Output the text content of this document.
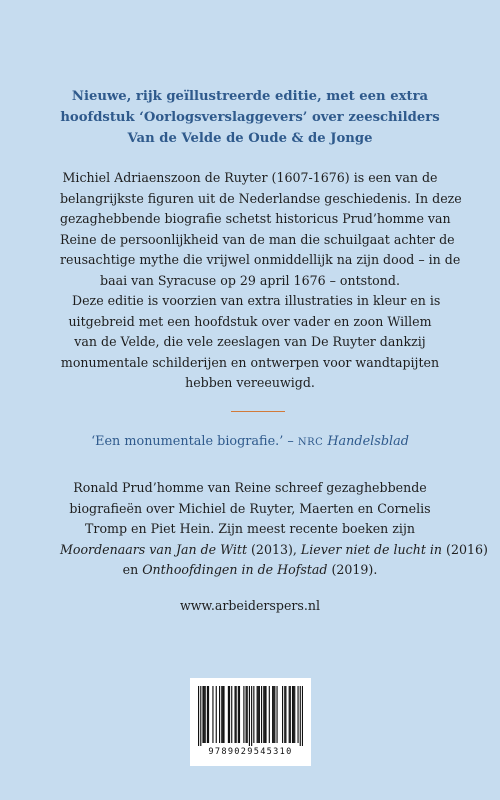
Nieuwe, rijk geïllustreerde editie, met een extra
hoofdstuk ‘Oorlogsverslaggevers’ over zeeschilders
Van de Velde de Oude & de Jonge
Michiel Adriaenszoon de Ruyter (1607-1676) is een van de
belangrijkste figuren uit de Nederlandse geschiedenis. In deze
gezaghebbende biografie schetst historicus Prud’homme van
Reine de persoonlijkheid van de man die schuilgaat achter de
reusachtige mythe die vrijwel onmiddellijk na zijn dood – in de
baai van Syracuse op 29 april 1676 – ontstond.
Deze editie is voorzien van extra illustraties in kleur en is
uitgebreid met een hoofdstuk over vader en zoon Willem
van de Velde, die vele zeeslagen van De Ruyter dankzij
monumentale schilderijen en ontwerpen voor wandtapijten
hebben vereeuwigd.
‘Een monumentale biografie.’ – NRC Handelsblad
Ronald Prud’homme van Reine schreef gezaghebbende
biografieën over Michiel de Ruyter, Maerten en Cornelis
Tromp en Piet Hein. Zijn meest recente boeken zijn
Moordenaars van Jan de Witt (2013), Liever niet de lucht in (2016)
en Onthoofdingen in de Hofstad (2019).
www.arbeiderspers.nl
9789029545310
